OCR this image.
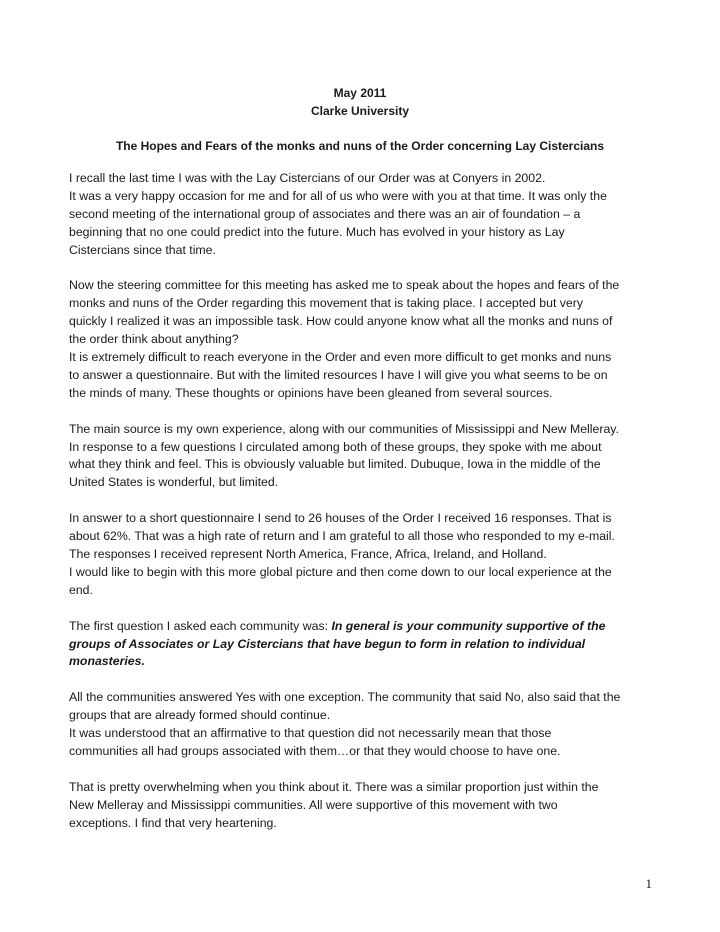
May 2011
Clarke University
The Hopes and Fears of the monks and nuns of the Order concerning Lay Cistercians

I recall the last time I was with the Lay Cistercians of our Order was at Conyers in 2002.
It was a very happy occasion for me and for all of us who were with you at that time. It was only the
second meeting of the international group of associates and there was an air of foundation – a
beginning that no one could predict into the future. Much has evolved in your history as Lay
Cistercians since that time.

Now the steering committee for this meeting has asked me to speak about the hopes and fears of the
monks and nuns of the Order regarding this movement that is taking place. I accepted but very
quickly I realized it was an impossible task. How could anyone know what all the monks and nuns of
the order think about anything?
It is extremely difficult to reach everyone in the Order and even more difficult to get monks and nuns
to answer a questionnaire. But with the limited resources I have I will give you what seems to be on
the minds of many. These thoughts or opinions have been gleaned from several sources.

The main source is my own experience, along with our communities of Mississippi and New Melleray.
In response to a few questions I circulated among both of these groups, they spoke with me about
what they think and feel. This is obviously valuable but limited. Dubuque, Iowa in the middle of the
United States is wonderful, but limited.

In answer to a short questionnaire I send to 26 houses of the Order I received 16 responses. That is
about 62%. That was a high rate of return and I am grateful to all those who responded to my e-mail.
The responses I received represent North America, France, Africa, Ireland, and Holland.
I would like to begin with this more global picture and then come down to our local experience at the
end.

The first question I asked each community was: In general is your community supportive of the
groups of Associates or Lay Cistercians that have begun to form in relation to individual
monasteries.

All the communities answered Yes with one exception. The community that said No, also said that the
groups that are already formed should continue.
It was understood that an affirmative to that question did not necessarily mean that those
communities all had groups associated with them…or that they would choose to have one.

That is pretty overwhelming when you think about it. There was a similar proportion just within the
New Melleray and Mississippi communities. All were supportive of this movement with two
exceptions. I find that very heartening.

1
